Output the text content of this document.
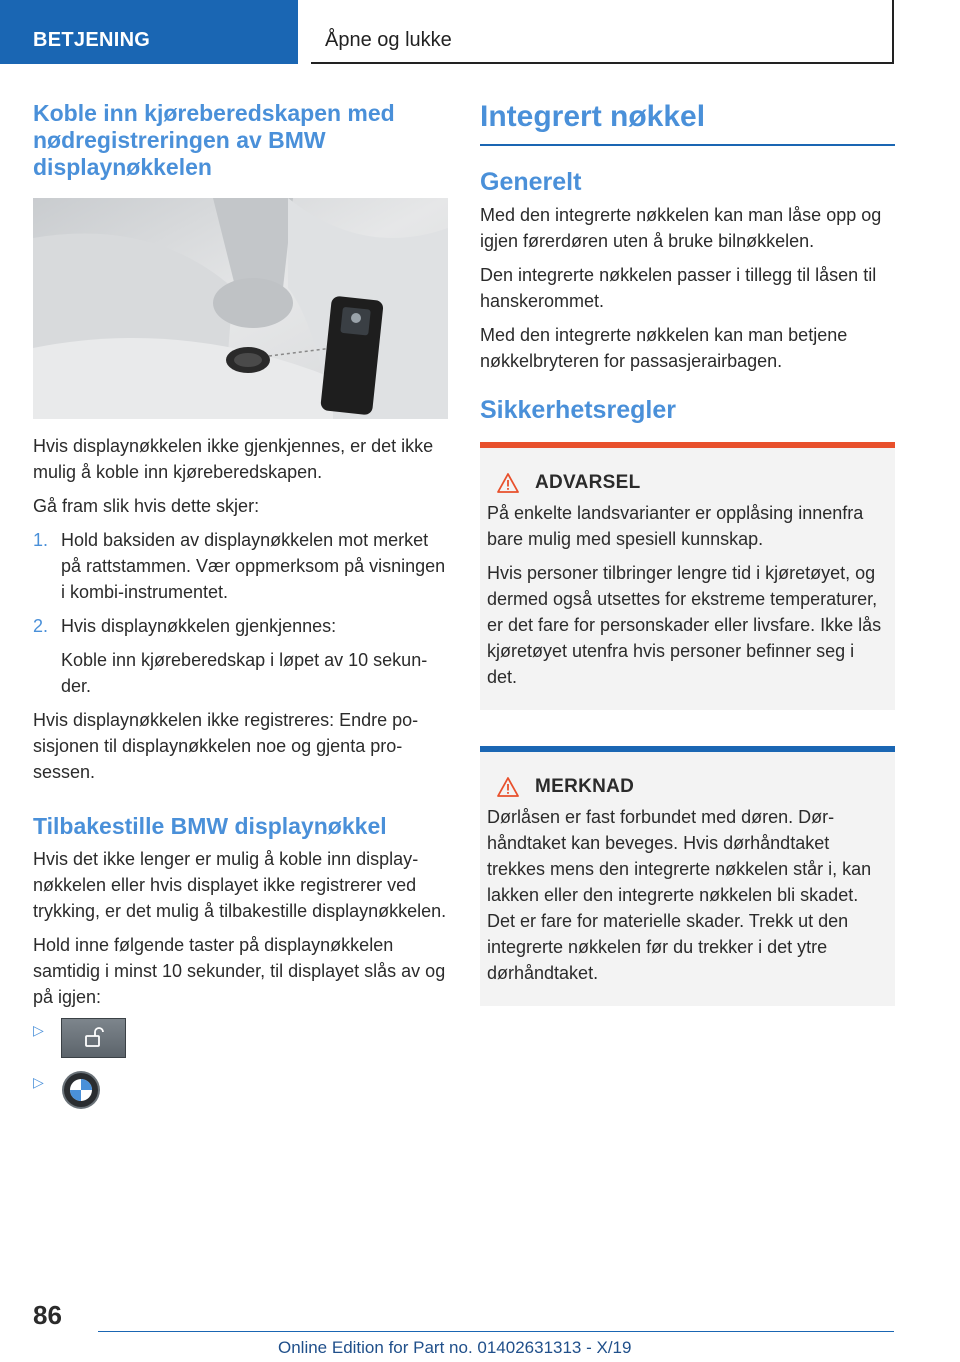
BETJENING	Åpne og lukke
Koble inn kjøreberedskapen med nødregistreringen av BMW displaynøkkelen

Hvis displaynøkkelen ikke gjenkjennes, er det ikke mulig å koble inn kjøreberedskapen.

Gå fram slik hvis dette skjer:

1. Hold baksiden av displaynøkkelen mot merket på rattstammen. Vær oppmerksom på visningen i kombi-instrumentet.
2. Hvis displaynøkkelen gjenkjennes:
Koble inn kjøreberedskap i løpet av 10 sekunder.

Hvis displaynøkkelen ikke registreres: Endre posisjonen til displaynøkkelen noe og gjenta prosessen.

Tilbakestille BMW displaynøkkel

Hvis det ikke lenger er mulig å koble inn displaynøkkelen eller hvis displayet ikke registrerer ved trykking, er det mulig å tilbakestille displaynøkkelen.

Hold inne følgende taster på displaynøkkelen samtidig i minst 10 sekunder, til displayet slås av og på igjen:

▷
▷
Integrert nøkkel
Generelt

Med den integrerte nøkkelen kan man låse opp og igjen førerdøren uten å bruke bilnøkkelen.

Den integrerte nøkkelen passer i tillegg til låsen til hanskerommet.

Med den integrerte nøkkelen kan man betjene nøkkelbryteren for passasjerairbagen.

Sikkerhetsregler
ADVARSEL

På enkelte landsvarianter er opplåsing innenfra bare mulig med spesiell kunnskap.

Hvis personer tilbringer lengre tid i kjøretøyet, og dermed også utsettes for ekstreme temperaturer, er det fare for personskader eller livsfare. Ikke lås kjøretøyet utenfra hvis personer befinner seg i det.

MERKNAD

Dørlåsen er fast forbundet med døren. Dørhåndtaket kan beveges. Hvis dørhåndtaket trekkes mens den integrerte nøkkelen står i, kan lakken eller den integrerte nøkkelen bli skadet. Det er fare for materielle skader. Trekk ut den integrerte nøkkelen før du trekker i det ytre dørhåndtaket.

86
Online Edition for Part no. 01402631313 - X/19
